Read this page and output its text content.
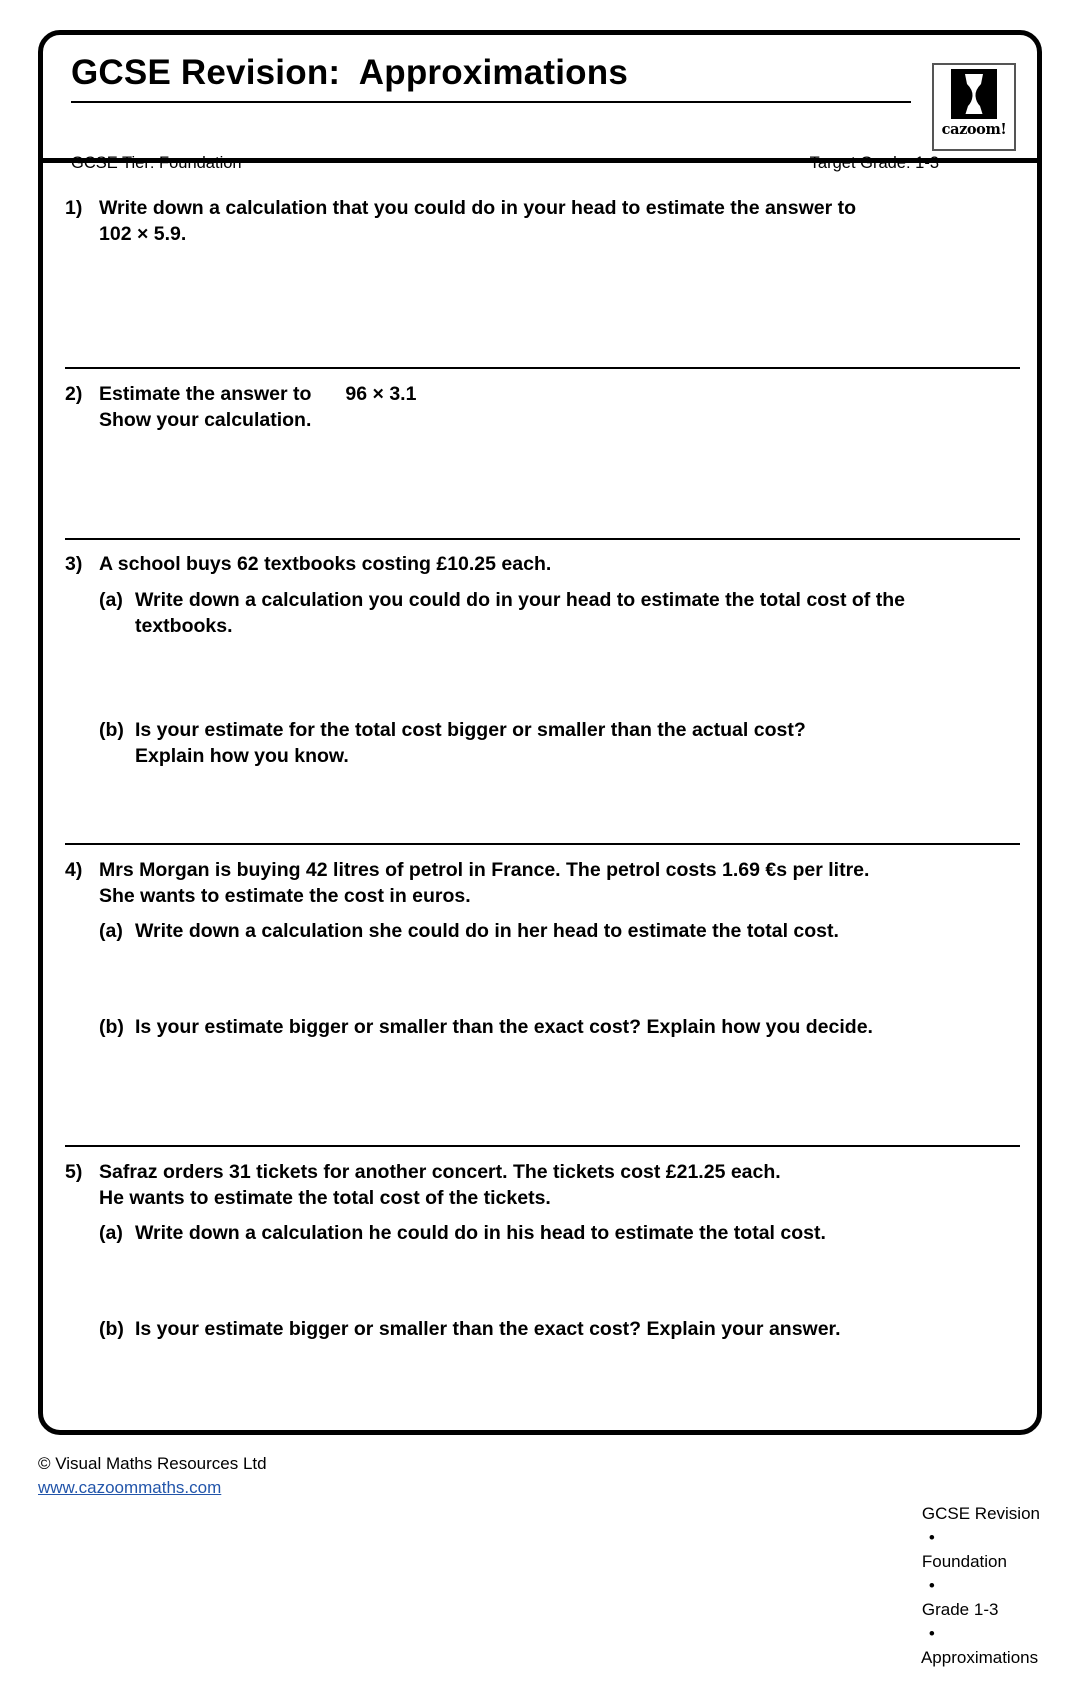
GCSE Revision:  Approximations
GCSE Tier: Foundation	Target Grade: 1-3
cazoom!
1) Write down a calculation that you could do in your head to estimate the answer to
102 × 5.9.
2) Estimate the answer to 96 × 3.1
Show your calculation.
3) A school buys 62 textbooks costing £10.25 each.
(a) Write down a calculation you could do in your head to estimate the total cost of the
textbooks.
(b) Is your estimate for the total cost bigger or smaller than the actual cost?
Explain how you know.
4) Mrs Morgan is buying 42 litres of petrol in France. The petrol costs 1.69 €s per litre.
She wants to estimate the cost in euros.
(a) Write down a calculation she could do in her head to estimate the total cost.
(b) Is your estimate bigger or smaller than the exact cost? Explain how you decide.
5) Safraz orders 31 tickets for another concert. The tickets cost £21.25 each.
He wants to estimate the total cost of the tickets.
(a) Write down a calculation he could do in his head to estimate the total cost.
(b) Is your estimate bigger or smaller than the exact cost? Explain your answer.
© Visual Maths Resources Ltd
www.cazoommaths.com

GCSE Revision
•
Foundation
•
Grade 1-3
•
Approximations
